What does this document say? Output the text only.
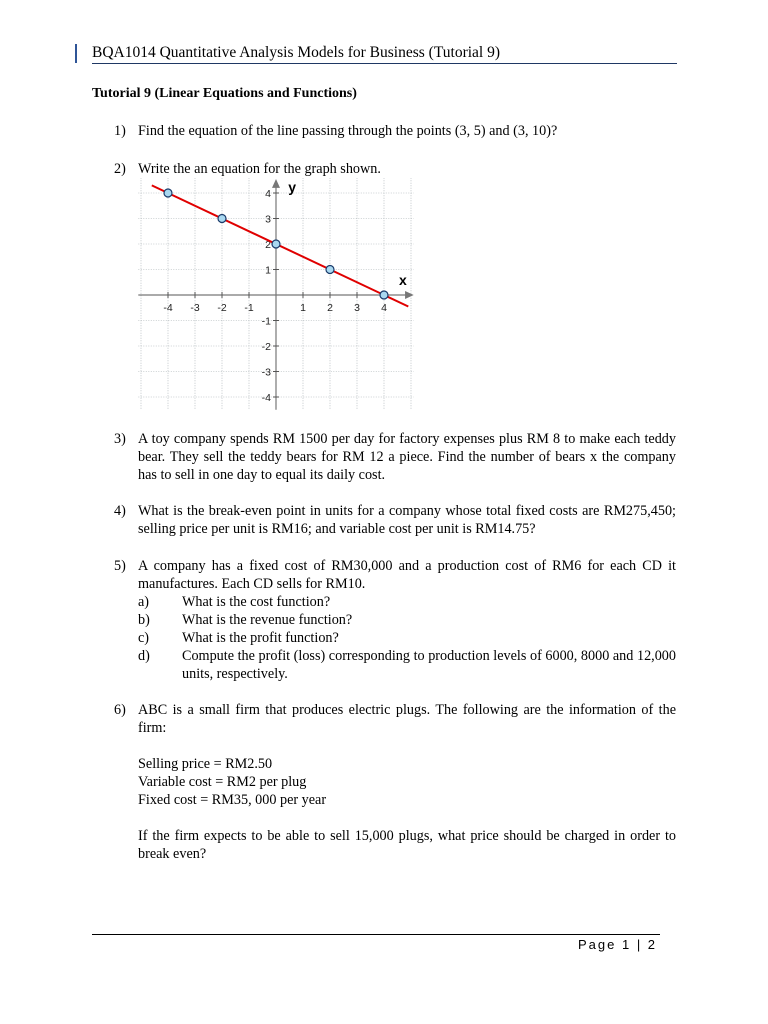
BQA1014 Quantitative Analysis Models for Business (Tutorial 9)
Tutorial 9 (Linear Equations and Functions)
1) Find the equation of the line passing through the points (3, 5) and (3, 10)?
2) Write the an equation for the graph shown.
-4 -3 -2 -1	1 2 3 4
4
3
2
1
-1
-2
-3
-4
x
y
3) A toy company spends RM 1500 per day for factory expenses plus RM 8 to make each teddy bear. They sell the teddy bears for RM 12 a piece. Find the number of bears x the company has to sell in one day to equal its daily cost.
4) What is the break-even point in units for a company whose total fixed costs are RM275,450; selling price per unit is RM16; and variable cost per unit is RM14.75?
5) A company has a fixed cost of RM30,000 and a production cost of RM6 for each CD it manufactures. Each CD sells for RM10.
a) What is the cost function?
b) What is the revenue function?
c) What is the profit function?
d) Compute the profit (loss) corresponding to production levels of 6000, 8000 and 12,000 units, respectively.
6) ABC is a small firm that produces electric plugs. The following are the information of the firm:
Selling price = RM2.50
Variable cost = RM2 per plug
Fixed cost = RM35, 000 per year
If the firm expects to be able to sell 15,000 plugs, what price should be charged in order to break even?
Page 1 | 2
